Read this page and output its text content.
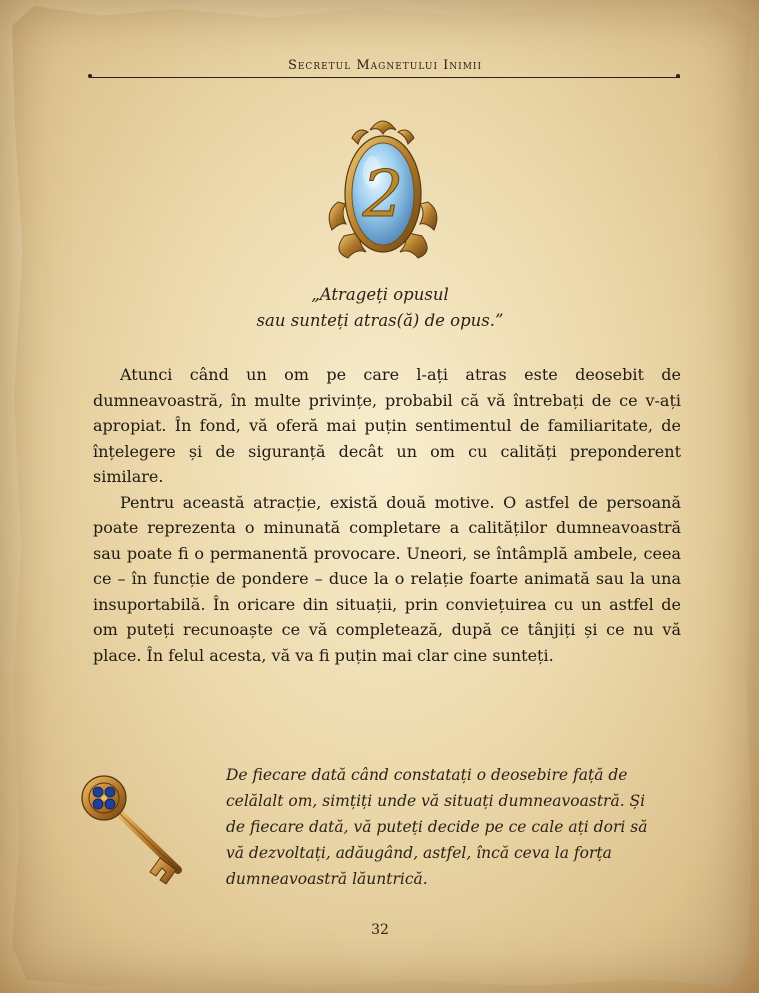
Secretul Magnetului Inimii
2
„Atrageți opusul
sau sunteți atras(ă) de opus.”

Atunci când un om pe care l-ați atras este deosebit de dumneavoastră, în multe privințe, probabil că vă întrebați de ce v-ați apropiat. În fond, vă oferă mai puțin sentimentul de familiaritate, de înțelegere și de siguranță decât un om cu calități preponderent similare.

Pentru această atracție, există două motive. O astfel de persoană poate reprezenta o minunată completare a calităților dumneavoastră sau poate fi o permanentă provocare. Uneori, se întâmplă ambele, ceea ce – în funcție de pondere – duce la o relație foarte animată sau la una insuportabilă. În oricare din situații, prin conviețuirea cu un astfel de om puteți recunoaște ce vă completează, după ce tânjiți și ce nu vă place. În felul acesta, vă va fi puțin mai clar cine sunteți.

De fiecare dată când constatați o deosebire față de celălalt om, simțiți unde vă situați dumneavoastră. Și de fiecare dată, vă puteți decide pe ce cale ați dori să vă dezvoltați, adăugând, astfel, încă ceva la forța dumneavoastră lăuntrică.
32
